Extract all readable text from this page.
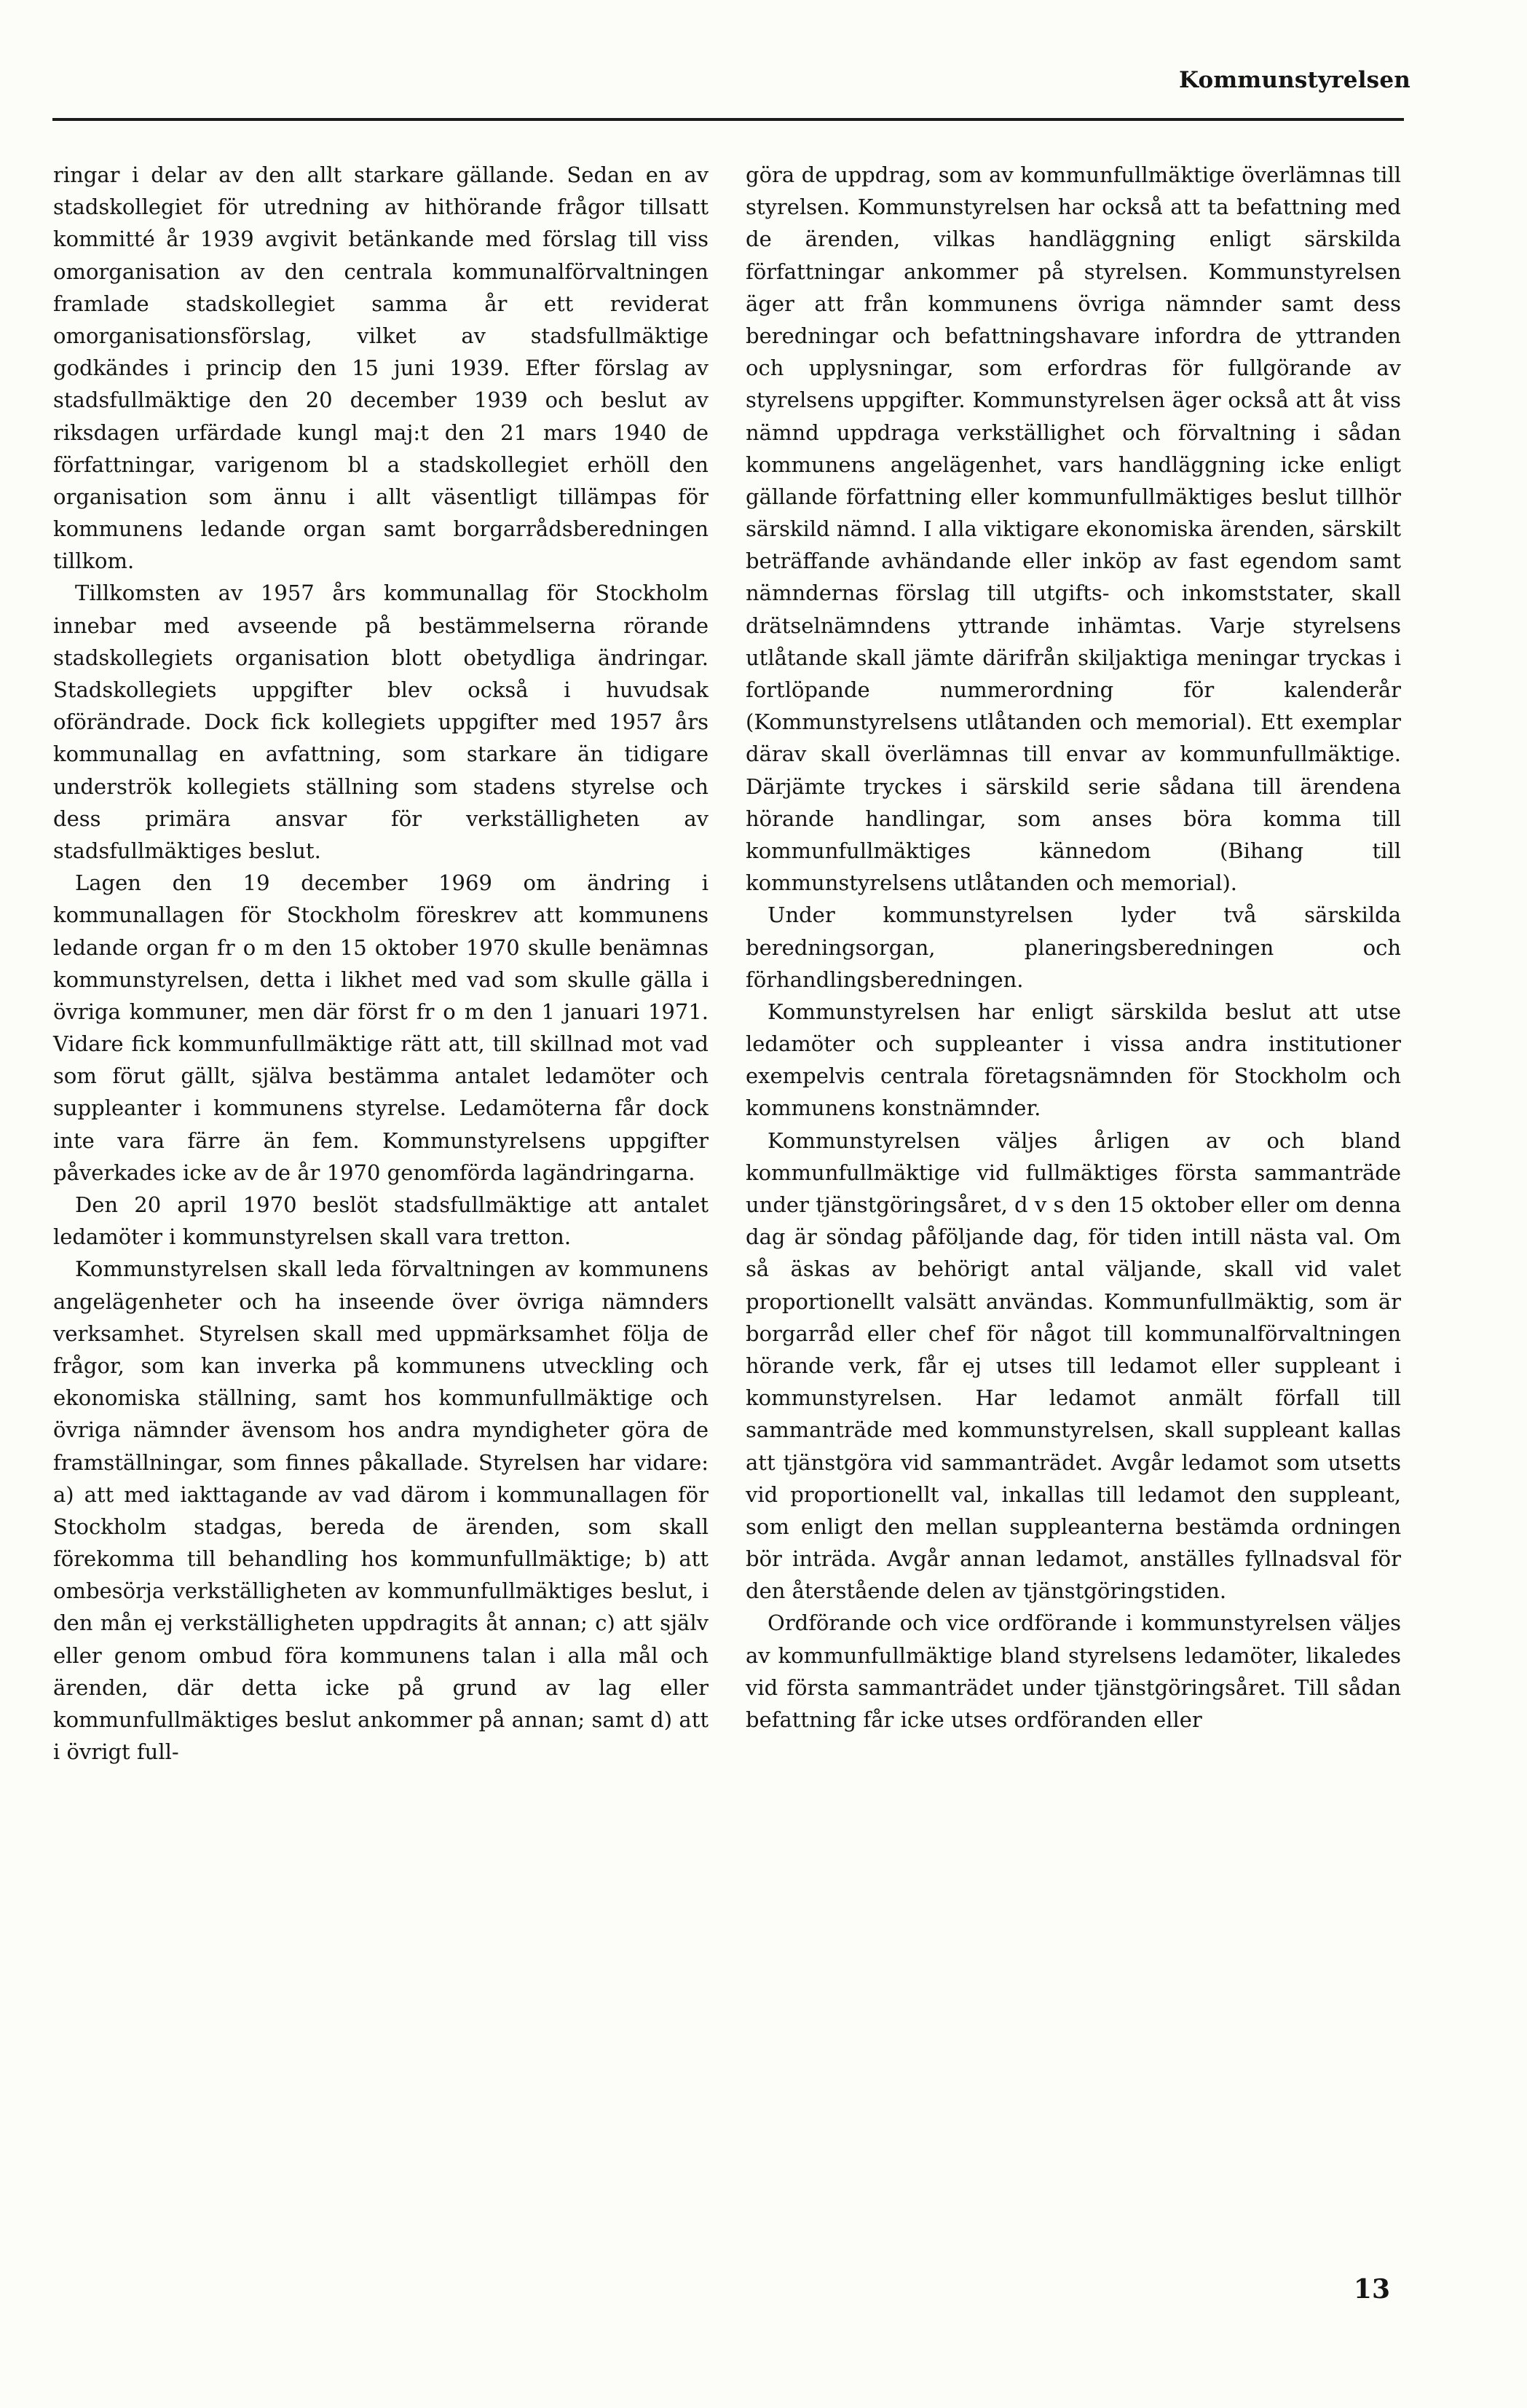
Kommunstyrelsen

ringar i delar av den allt starkare gällande. Sedan en av stadskollegiet för utredning av hithörande frågor tillsatt kommitté år 1939 avgivit betänkande med förslag till viss omorganisation av den centrala kommunalförvaltningen framlade stadskollegiet samma år ett reviderat omorganisationsförslag, vilket av stadsfullmäktige godkändes i princip den 15 juni 1939. Efter förslag av stadsfullmäktige den 20 december 1939 och beslut av riksdagen urfärdade kungl maj:t den 21 mars 1940 de författningar, varigenom bl a stadskollegiet erhöll den organisation som ännu i allt väsentligt tillämpas för kommunens ledande organ samt borgarrådsberedningen tillkom.

Tillkomsten av 1957 års kommunallag för Stockholm innebar med avseende på bestämmelserna rörande stadskollegiets organisation blott obetydliga ändringar. Stadskollegiets uppgifter blev också i huvudsak oförändrade. Dock fick kollegiets uppgifter med 1957 års kommunallag en avfattning, som starkare än tidigare underströk kollegiets ställning som stadens styrelse och dess primära ansvar för verkställigheten av stadsfullmäktiges beslut.

Lagen den 19 december 1969 om ändring i kommunallagen för Stockholm föreskrev att kommunens ledande organ fr o m den 15 oktober 1970 skulle benämnas kommunstyrelsen, detta i likhet med vad som skulle gälla i övriga kommuner, men där först fr o m den 1 januari 1971. Vidare fick kommunfullmäktige rätt att, till skillnad mot vad som förut gällt, själva bestämma antalet ledamöter och suppleanter i kommunens styrelse. Ledamöterna får dock inte vara färre än fem. Kommunstyrelsens uppgifter påverkades icke av de år 1970 genomförda lagändringarna.

Den 20 april 1970 beslöt stadsfullmäktige att antalet ledamöter i kommunstyrelsen skall vara tretton.

Kommunstyrelsen skall leda förvaltningen av kommunens angelägenheter och ha inseende över övriga nämnders verksamhet. Styrelsen skall med uppmärksamhet följa de frågor, som kan inverka på kommunens utveckling och ekonomiska ställning, samt hos kommunfullmäktige och övriga nämnder ävensom hos andra myndigheter göra de framställningar, som finnes påkallade. Styrelsen har vidare: a) att med iakttagande av vad därom i kommunallagen för Stockholm stadgas, bereda de ärenden, som skall förekomma till behandling hos kommunfullmäktige; b) att ombesörja verkställigheten av kommunfullmäktiges beslut, i den mån ej verkställigheten uppdragits åt annan; c) att själv eller genom ombud föra kommunens talan i alla mål och ärenden, där detta icke på grund av lag eller kommunfullmäktiges beslut ankommer på annan; samt d) att i övrigt full-

göra de uppdrag, som av kommunfullmäktige överlämnas till styrelsen. Kommunstyrelsen har också att ta befattning med de ärenden, vilkas handläggning enligt särskilda författningar ankommer på styrelsen. Kommunstyrelsen äger att från kommunens övriga nämnder samt dess beredningar och befattningshavare infordra de yttranden och upplysningar, som erfordras för fullgörande av styrelsens uppgifter. Kommunstyrelsen äger också att åt viss nämnd uppdraga verkställighet och förvaltning i sådan kommunens angelägenhet, vars handläggning icke enligt gällande författning eller kommunfullmäktiges beslut tillhör särskild nämnd. I alla viktigare ekonomiska ärenden, särskilt beträffande avhändande eller inköp av fast egendom samt nämndernas förslag till utgifts- och inkomststater, skall drätselnämndens yttrande inhämtas. Varje styrelsens utlåtande skall jämte därifrån skiljaktiga meningar tryckas i fortlöpande nummerordning för kalenderår (Kommunstyrelsens utlåtanden och memorial). Ett exemplar därav skall överlämnas till envar av kommunfullmäktige. Därjämte tryckes i särskild serie sådana till ärendena hörande handlingar, som anses böra komma till kommunfullmäktiges kännedom (Bihang till kommunstyrelsens utlåtanden och memorial).

Under kommunstyrelsen lyder två särskilda beredningsorgan, planeringsberedningen och förhandlingsberedningen.

Kommunstyrelsen har enligt särskilda beslut att utse ledamöter och suppleanter i vissa andra institutioner exempelvis centrala företagsnämnden för Stockholm och kommunens konstnämnder.

Kommunstyrelsen väljes årligen av och bland kommunfullmäktige vid fullmäktiges första sammanträde under tjänstgöringsåret, d v s den 15 oktober eller om denna dag är söndag påföljande dag, för tiden intill nästa val. Om så äskas av behörigt antal väljande, skall vid valet proportionellt valsätt användas. Kommunfullmäktig, som är borgarråd eller chef för något till kommunalförvaltningen hörande verk, får ej utses till ledamot eller suppleant i kommunstyrelsen. Har ledamot anmält förfall till sammanträde med kommunstyrelsen, skall suppleant kallas att tjänstgöra vid sammanträdet. Avgår ledamot som utsetts vid proportionellt val, inkallas till ledamot den suppleant, som enligt den mellan suppleanterna bestämda ordningen bör inträda. Avgår annan ledamot, anställes fyllnadsval för den återstående delen av tjänstgöringstiden.

Ordförande och vice ordförande i kommunstyrelsen väljes av kommunfullmäktige bland styrelsens ledamöter, likaledes vid första sammanträdet under tjänstgöringsåret. Till sådan befattning får icke utses ordföranden eller

13
